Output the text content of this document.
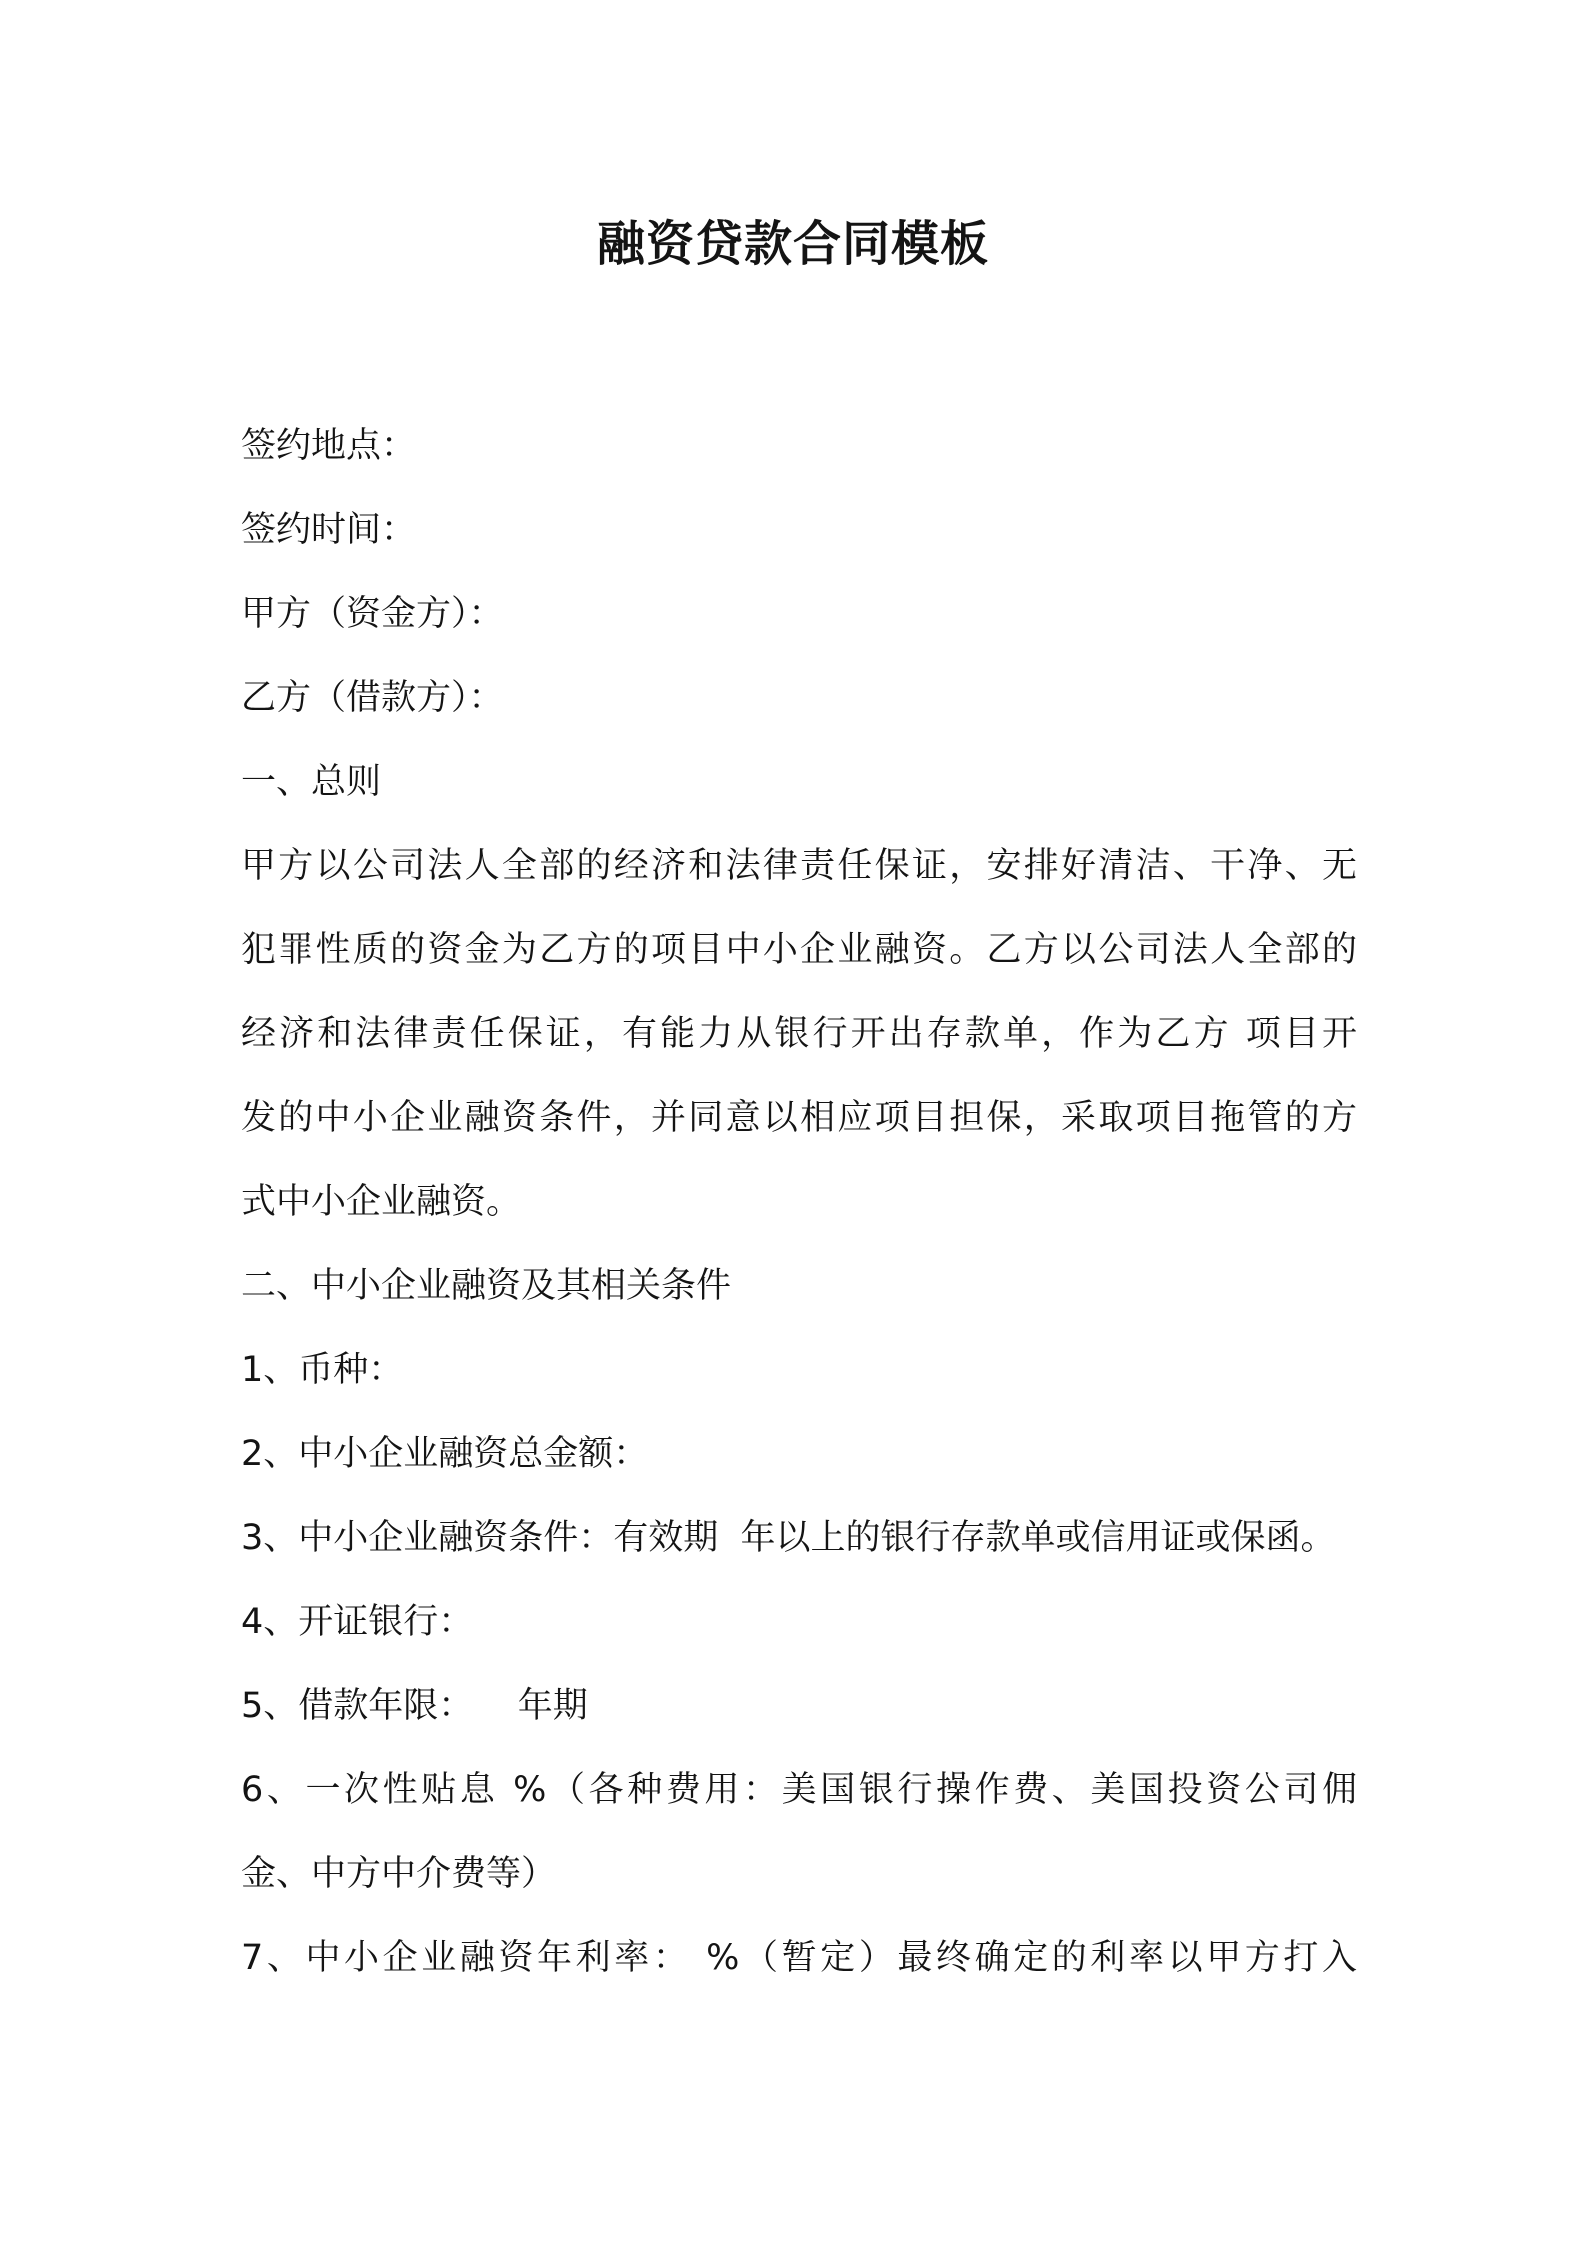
融资贷款合同模板
签约地点：
签约时间：
甲方（资金方）：
乙方（借款方）：
一、总则
甲方以公司法人全部的经济和法律责任保证，安排好清洁、干净、无
犯罪性质的资金为乙方的项目中小企业融资。乙方以公司法人全部的
经济和法律责任保证，有能力从银行开出存款单，作为乙方 项目开
发的中小企业融资条件，并同意以相应项目担保，采取项目拖管的方
式中小企业融资。
二、中小企业融资及其相关条件
1、币种：
2、中小企业融资总金额：
3、中小企业融资条件：有效期  年以上的银行存款单或信用证或保函。
4、开证银行：
5、借款年限：    年期
6、一次性贴息 %（各种费用：美国银行操作费、美国投资公司佣
金、中方中介费等）
7、中小企业融资年利率： %（暂定）最终确定的利率以甲方打入
